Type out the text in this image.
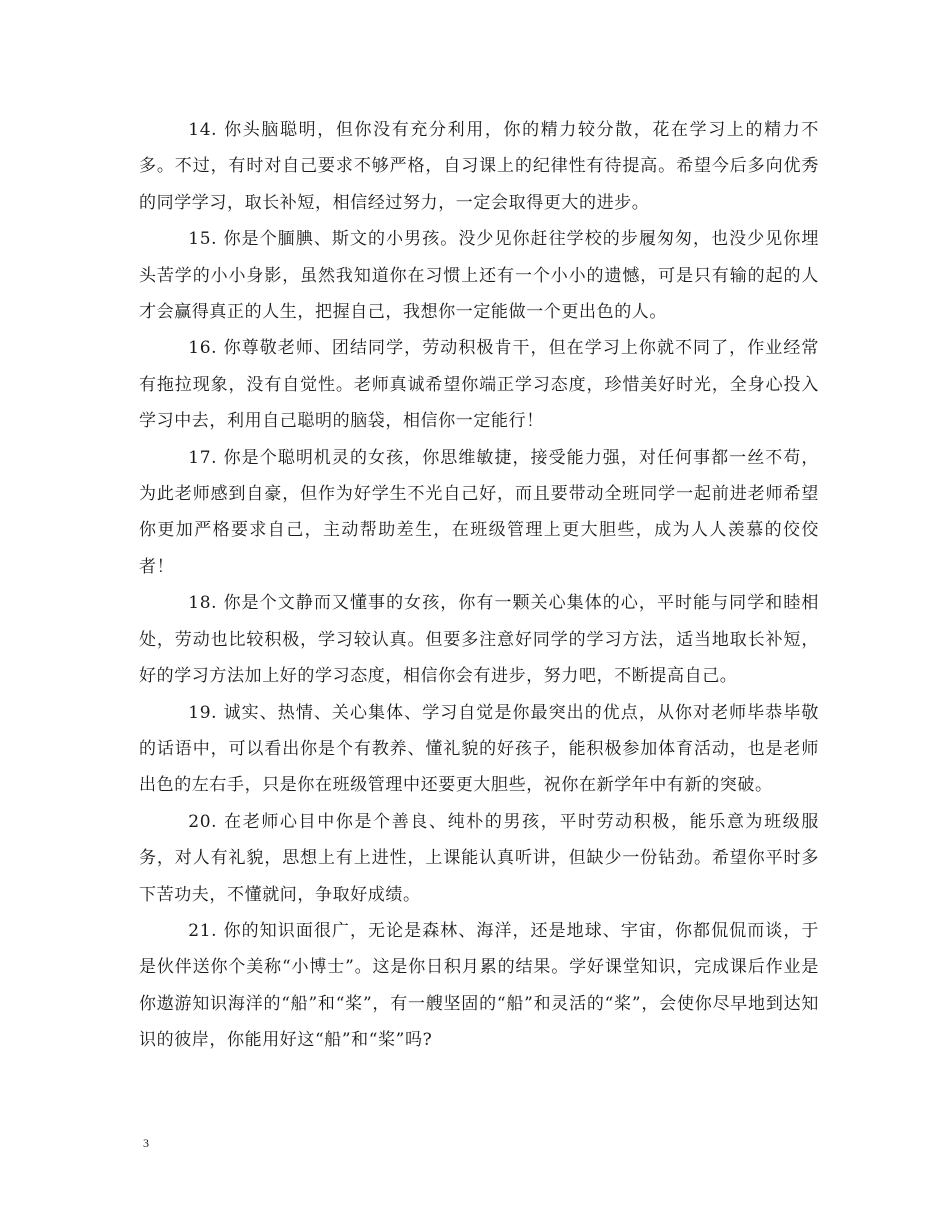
14. 你头脑聪明，但你没有充分利用，你的精力较分散，花在学习上的精力不多。不过，有时对自己要求不够严格，自习课上的纪律性有待提高。希望今后多向优秀的同学学习，取长补短，相信经过努力，一定会取得更大的进步。

15. 你是个腼腆、斯文的小男孩。没少见你赶往学校的步履匆匆，也没少见你埋头苦学的小小身影，虽然我知道你在习惯上还有一个小小的遗憾，可是只有输的起的人才会赢得真正的人生，把握自己，我想你一定能做一个更出色的人。

16. 你尊敬老师、团结同学，劳动积极肯干，但在学习上你就不同了，作业经常有拖拉现象，没有自觉性。老师真诚希望你端正学习态度，珍惜美好时光，全身心投入学习中去，利用自己聪明的脑袋，相信你一定能行！

17. 你是个聪明机灵的女孩，你思维敏捷，接受能力强，对任何事都一丝不苟，为此老师感到自豪，但作为好学生不光自己好，而且要带动全班同学一起前进老师希望你更加严格要求自己，主动帮助差生，在班级管理上更大胆些，成为人人羡慕的佼佼者！

18. 你是个文静而又懂事的女孩，你有一颗关心集体的心，平时能与同学和睦相处，劳动也比较积极，学习较认真。但要多注意好同学的学习方法，适当地取长补短，好的学习方法加上好的学习态度，相信你会有进步，努力吧，不断提高自己。

19. 诚实、热情、关心集体、学习自觉是你最突出的优点，从你对老师毕恭毕敬的话语中，可以看出你是个有教养、懂礼貌的好孩子，能积极参加体育活动，也是老师出色的左右手，只是你在班级管理中还要更大胆些，祝你在新学年中有新的突破。

20. 在老师心目中你是个善良、纯朴的男孩，平时劳动积极，能乐意为班级服务，对人有礼貌，思想上有上进性，上课能认真听讲，但缺少一份钻劲。希望你平时多下苦功夫，不懂就问，争取好成绩。

21. 你的知识面很广，无论是森林、海洋，还是地球、宇宙，你都侃侃而谈，于是伙伴送你个美称“小博士”。这是你日积月累的结果。学好课堂知识，完成课后作业是你遨游知识海洋的“船”和“桨”，有一艘坚固的“船”和灵活的“桨”，会使你尽早地到达知识的彼岸，你能用好这“船”和“桨”吗?

3
